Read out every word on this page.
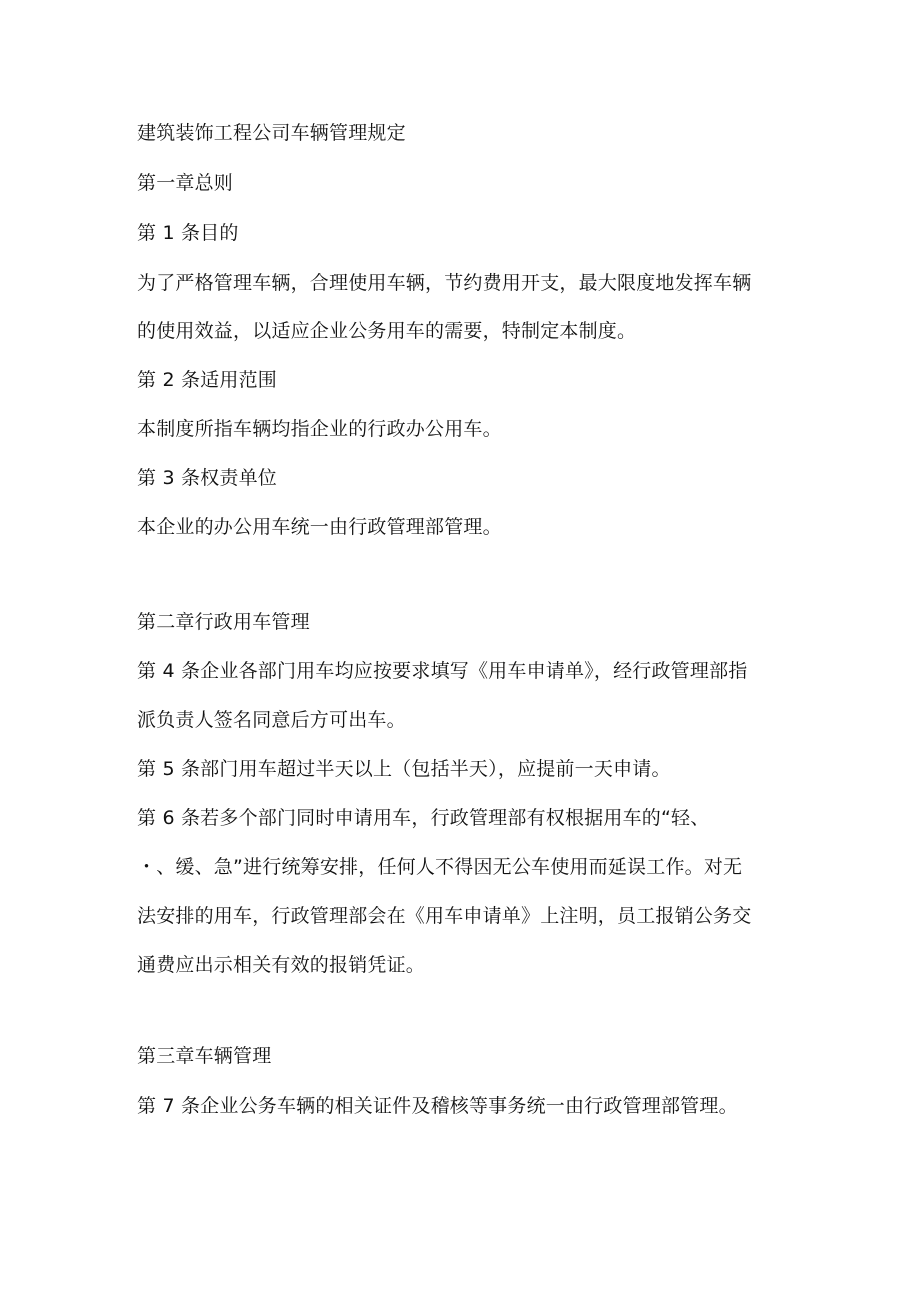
建筑装饰工程公司车辆管理规定
第一章总则
第 1 条目的
为了严格管理车辆，合理使用车辆，节约费用开支，最大限度地发挥车辆
的使用效益，以适应企业公务用车的需要，特制定本制度。
第 2 条适用范围
本制度所指车辆均指企业的行政办公用车。
第 3 条权责单位
本企业的办公用车统一由行政管理部管理。
第二章行政用车管理
第 4 条企业各部门用车均应按要求填写《用车申请单》，经行政管理部指
派负责人签名同意后方可出车。
第 5 条部门用车超过半天以上（包括半天），应提前一天申请。
第 6 条若多个部门同时申请用车，行政管理部有权根据用车的“轻、
・、缓、急”进行统筹安排，任何人不得因无公车使用而延误工作。对无
法安排的用车，行政管理部会在《用车申请单》上注明，员工报销公务交
通费应出示相关有效的报销凭证。
第三章车辆管理
第 7 条企业公务车辆的相关证件及稽核等事务统一由行政管理部管理。
